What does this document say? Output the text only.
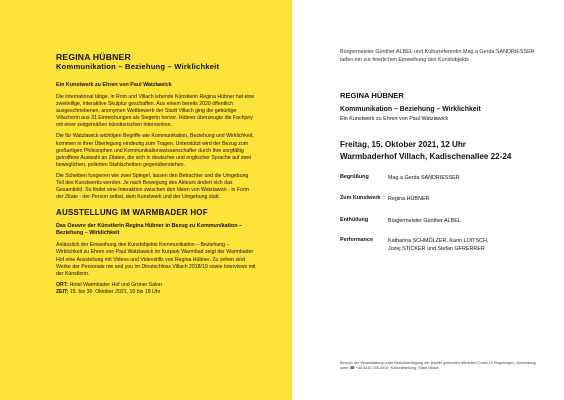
REGINA HÜBNER

Kommunikation – Beziehung – Wirklichkeit

Ein Kunstwerk zu Ehren von Paul Watzlawick

Die international tätige, in Rom und Villach lebende Künstlerin Regina Hübner hat eine zweiteilige, interaktive Skulptur geschaffen. Aus einem bereits 2020 öffentlich ausgeschriebenen, anonymen Wettbewerb der Stadt Villach ging die gebürtige Villacherin aus 31 Einreichungen als Siegerin hervor. Hübner überzeugte die Fachjury mit einer zeitgemäßen künstlerischen Intervention.

Die für Watzlawick wichtigen Begriffe wie Kommunikation, Beziehung und Wirklichkeit, kommen in ihrer Überlegung eindeutig zum Tragen. Unterstützt wird der Bezug zum großartigen Philosophen und Kommunikationswissenschafter durch ihre sorgfältig getroffene Auswahl an Zitaten, die sich in deutscher und englischer Sprache auf zwei beweglichen, polierten Stahlscheiben gegenüberstehen.

Die Scheiben fungieren wie zwei Spiegel, lassen den Betrachter und die Umgebung Teil des Kunstwerks werden. Je nach Bewegung des Akteurs ändert sich das Gesamtbild. So findet eine Interaktion zwischen den Ideen von Watzlawick - in Form der Zitate - der Person selbst, dem Kunstwerk und der Umgebung statt.

AUSSTELLUNG IM WARMBADER HOF

Das Oeuvre der Künstlerin Regina Hübner in Bezug zu Kommunikation – Beziehung – Wirklichkeit

Anlässlich der Einweihung des Kunstobjekts Kommunikation – Beziehung – Wirklichkeit zu Ehren von Paul Watzlawick im Kurpark Warmbad zeigt der Warmbader Hof eine Ausstellung mit Videos und Videostills von Regina Hübner. Zu sehen sind Werke der Personale me and you im Dinutschloss Villach 2018/19 sowie Interviews mit der Künstlerin.

ORT: Hotel Warmbader Hof und Grüner Salon

ZEIT: 15. bis 30. Oktober 2021, 10 bis 18 Uhr

Bürgermeister Günther ALBEL und Kulturreferentin Mag.a Gerda SANDRIESSER laden ein zur feierlichen Einweihung des Kunstobjekts
REGINA HÜBNER
Kommunikation – Beziehung – Wirklichkeit
Ein Kunstwerk zu Ehren von Paul Watzlawick
Freitag, 15. Oktober 2021, 12 Uhr
Warmbaderhof Villach, Kadischenallee 22-24
Begrüßung	Mag.a Gerda SANDRIESSER
Zum Kunstwerk	Regina HÜBNER
Enthüllung	Bürgermeister Günther ALBEL
Performance	Katharina SCHMÖLZER, Karin LOITSCH, Jozej STICKER und Stefan GFRERRER
Besuch der Veranstaltung unter Berücksichtigung der jeweils geltenden offiziellen Covid-19 Regelungen. Anmeldung unter ☎ +43 4242 205-3400, Kulturabteilung, Stadt Villach
